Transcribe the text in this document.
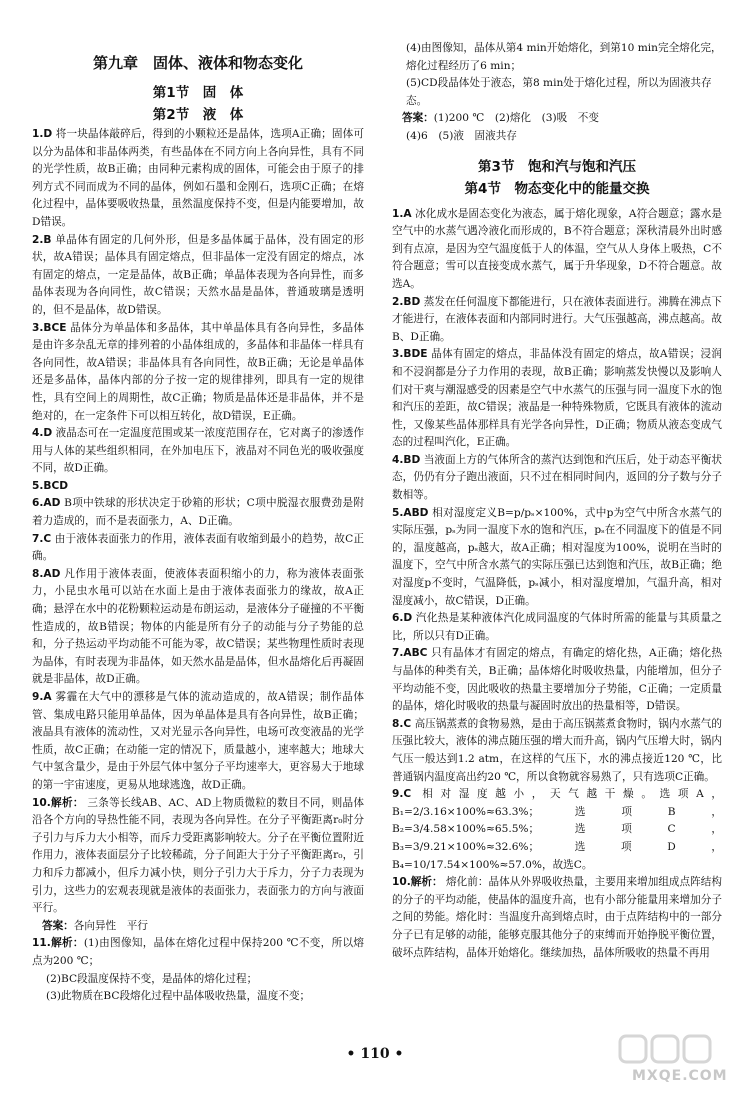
第九章　固体、液体和物态变化
第1节　固　体
第2节　液　体

1.D 将一块晶体敲碎后，得到的小颗粒还是晶体，选项A正确；固体可以分为晶体和非晶体两类，有些晶体在不同方向上各向异性，具有不同的光学性质，故B正确；由同种元素构成的固体，可能会由于原子的排列方式不同而成为不同的晶体，例如石墨和金刚石，选项C正确；在熔化过程中，晶体要吸收热量，虽然温度保持不变，但是内能要增加，故D错误。

2.B 单晶体有固定的几何外形，但是多晶体属于晶体，没有固定的形状，故A错误；晶体具有固定熔点，但非晶体一定没有固定的熔点，冰有固定的熔点，一定是晶体，故B正确；单晶体表现为各向异性，而多晶体表现为各向同性，故C错误；天然水晶是晶体，普通玻璃是透明的，但不是晶体，故D错误。

3.BCE 晶体分为单晶体和多晶体，其中单晶体具有各向异性，多晶体是由许多杂乱无章的排列着的小晶体组成的，多晶体和非晶体一样具有各向同性，故A错误；非晶体具有各向同性，故B正确；无论是单晶体还是多晶体，晶体内部的分子按一定的规律排列，即具有一定的规律性，具有空间上的周期性，故C正确；物质是晶体还是非晶体，并不是绝对的，在一定条件下可以相互转化，故D错误，E正确。

4.D 液晶态可在一定温度范围或某一浓度范围存在，它对离子的渗透作用与人体的某些组织相同，在外加电压下，液晶对不同色光的吸收强度不同，故D正确。

5.BCD

6.AD B项中铁球的形状决定于砂箱的形状；C项中脱湿衣服费劲是附着力造成的，而不是表面张力，A、D正确。

7.C 由于液体表面张力的作用，液体表面有收缩到最小的趋势，故C正确。

8.AD 凡作用于液体表面，使液体表面积缩小的力，称为液体表面张力，小昆虫水黾可以站在水面上是由于液体表面张力的缘故，故A正确；悬浮在水中的花粉颗粒运动是布朗运动，是液体分子碰撞的不平衡性造成的，故B错误；物体的内能是所有分子的动能与分子势能的总和，分子热运动平均动能不可能为零，故C错误；某些物理性质时表现为晶体，有时表现为非晶体，如天然水晶是晶体，但水晶熔化后再凝固就是非晶体，故D正确。

9.A 雾霾在大气中的漂移是气体的流动造成的，故A错误；制作晶体管、集成电路只能用单晶体，因为单晶体是具有各向异性，故B正确；液晶具有液体的流动性，又对光显示各向异性，电场可改变液晶的光学性质，故C正确；在动能一定的情况下，质量越小，速率越大；地球大气中氢含量少，是由于外层气体中氢分子平均速率大，更容易大于地球的第一宇宙速度，更易从地球逃逸，故D正确。

10.解析： 三条等长线AB、AC、AD上物质微粒的数目不同，则晶体沿各个方向的导热性能不同，表现为各向异性。在分子平衡距离r₀时分子引力与斥力大小相等，而斥力受距离影响较大。分子在平衡位置附近作用力，液体表面层分子比较稀疏，分子间距大于分子平衡距离r₀，引力和斥力都减小，但斥力减小快，则分子引力大于斥力，分子力表现为引力，这些力的宏观表现就是液体的表面张力，表面张力的方向与液面平行。

答案：各向异性　平行

11.解析：(1)由图像知，晶体在熔化过程中保持200 ℃不变，所以熔点为200 ℃；

(2)BC段温度保持不变，是晶体的熔化过程；

(3)此物质在BC段熔化过程中晶体吸收热量，温度不变；

(4)由图像知，晶体从第4 min开始熔化，到第10 min完全熔化完，熔化过程经历了6 min；

(5)CD段晶体处于液态，第8 min处于熔化过程，所以为固液共存态。

答案：(1)200 ℃　(2)熔化　(3)吸　不变
(4)6　(5)液　固液共存
第3节　饱和汽与饱和汽压
第4节　物态变化中的能量交换

1.A 冰化成水是固态变化为液态，属于熔化现象，A符合题意；露水是空气中的水蒸气遇冷液化而形成的，B不符合题意；深秋清晨外出时感到有点凉，是因为空气温度低于人的体温，空气从人身体上吸热，C不符合题意；雪可以直接变成水蒸气，属于升华现象，D不符合题意。故选A。

2.BD 蒸发在任何温度下都能进行，只在液体表面进行。沸腾在沸点下才能进行，在液体表面和内部同时进行。大气压强越高，沸点越高。故B、D正确。

3.BDE 晶体有固定的熔点，非晶体没有固定的熔点，故A错误；浸润和不浸润都是分子力作用的表现，故B正确；影响蒸发快慢以及影响人们对干爽与潮湿感受的因素是空气中水蒸气的压强与同一温度下水的饱和汽压的差距，故C错误；液晶是一种特殊物质，它既具有液体的流动性，又像某些晶体那样具有光学各向异性，D正确；物质从液态变成气态的过程叫汽化，E正确。

4.BD 当液面上方的气体所含的蒸汽达到饱和汽压后，处于动态平衡状态，仍仍有分子跑出液面，只不过在相同时间内，返回的分子数与分子数相等。

5.ABD 相对湿度定义B=p/pₛ×100%，式中p为空气中所含水蒸气的实际压强，pₛ为同一温度下水的饱和汽压，pₛ在不同温度下的值是不同的，温度越高，pₛ越大，故A正确；相对湿度为100%，说明在当时的温度下，空气中所含水蒸气的实际压强已达到饱和汽压，故B正确；绝对湿度p不变时，气温降低，pₛ减小，相对湿度增加，气温升高，相对湿度减小，故C错误，D正确。

6.D 汽化热是某种液体汽化成同温度的气体时所需的能量与其质量之比，所以只有D正确。

7.ABC 只有晶体才有固定的熔点，有确定的熔化热，A正确；熔化热与晶体的种类有关，B正确；晶体熔化时吸收热量，内能增加，但分子平均动能不变，因此吸收的热量主要增加分子势能，C正确；一定质量的晶体，熔化时吸收的热量与凝固时放出的热量相等，D错误。

8.C 高压锅蒸煮的食物易熟，是由于高压锅蒸煮食物时，锅内水蒸气的压强比较大，液体的沸点随压强的增大而升高，锅内气压增大时，锅内气压一般达到1.2 atm，在这样的气压下，水的沸点接近120 ℃，比普通锅内温度高出约20 ℃，所以食物就容易熟了，只有选项C正确。

9.C 相对湿度越小，天气越干燥。选项A，B₁=2/3.16×100%≈63.3%；选项B，B₂=3/4.58×100%≈65.5%；选项C，B₃=3/9.21×100%≈32.6%；选项D，B₄=10/17.54×100%≈57.0%，故选C。

10.解析： 熔化前：晶体从外界吸收热量，主要用来增加组成点阵结构的分子的平均动能，使晶体的温度升高，也有小部分能量用来增加分子之间的势能。熔化时：当温度升高到熔点时，由于点阵结构中的一部分分子已有足够的动能，能够克服其他分子的束缚而开始挣脱平衡位置，破坏点阵结构，晶体开始熔化。继续加热，晶体所吸收的热量不再用

• 110 •
MXQE.COM
